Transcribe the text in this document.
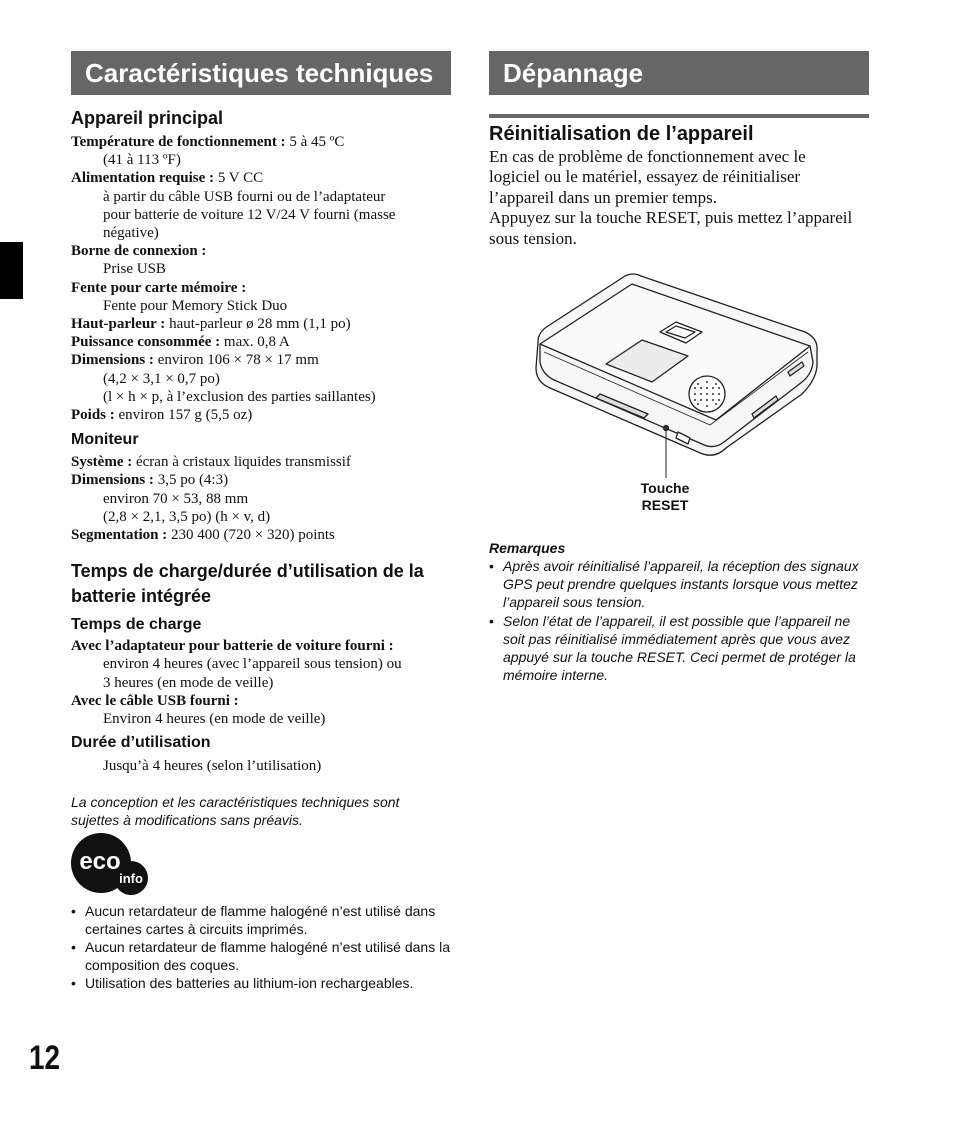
Caractéristiques techniques	Dépannage
Appareil principal
Température de fonctionnement : 5 à 45 ºC
(41 à 113 ºF)
Alimentation requise : 5 V CC
à partir du câble USB fourni ou de l’adaptateur
pour batterie de voiture 12 V/24 V fourni (masse
négative)
Borne de connexion :
Prise USB
Fente pour carte mémoire :
Fente pour Memory Stick Duo
Haut-parleur : haut-parleur ø 28 mm (1,1 po)
Puissance consommée : max. 0,8 A
Dimensions : environ 106 × 78 × 17 mm
(4,2 × 3,1 × 0,7 po)
(l × h × p, à l’exclusion des parties saillantes)
Poids : environ 157 g (5,5 oz)
Moniteur
Système : écran à cristaux liquides transmissif
Dimensions : 3,5 po (4:3)
environ 70 × 53, 88 mm
(2,8 × 2,1, 3,5 po) (h × v, d)
Segmentation : 230 400 (720 × 320) points
Temps de charge/durée d’utilisation de la batterie intégrée
Temps de charge
Avec l’adaptateur pour batterie de voiture fourni :
environ 4 heures (avec l’appareil sous tension) ou
3 heures (en mode de veille)
Avec le câble USB fourni :
Environ 4 heures (en mode de veille)
Durée d’utilisation
Jusqu’à 4 heures (selon l’utilisation)
La conception et les caractéristiques techniques sont sujettes à modifications sans préavis.
eco
info
• Aucun retardateur de flamme halogéné n’est utilisé dans certaines cartes à circuits imprimés.
• Aucun retardateur de flamme halogéné n’est utilisé dans la composition des coques.
• Utilisation des batteries au lithium-ion rechargeables.
12
Réinitialisation de l’appareil
En cas de problème de fonctionnement avec le logiciel ou le matériel, essayez de réinitialiser l’appareil dans un premier temps.
Appuyez sur la touche RESET, puis mettez l’appareil sous tension.
Touche
RESET
Remarques
• Après avoir réinitialisé l’appareil, la réception des signaux GPS peut prendre quelques instants lorsque vous mettez l’appareil sous tension.
• Selon l’état de l’appareil, il est possible que l’appareil ne soit pas réinitialisé immédiatement après que vous avez appuyé sur la touche RESET. Ceci permet de protéger la mémoire interne.
